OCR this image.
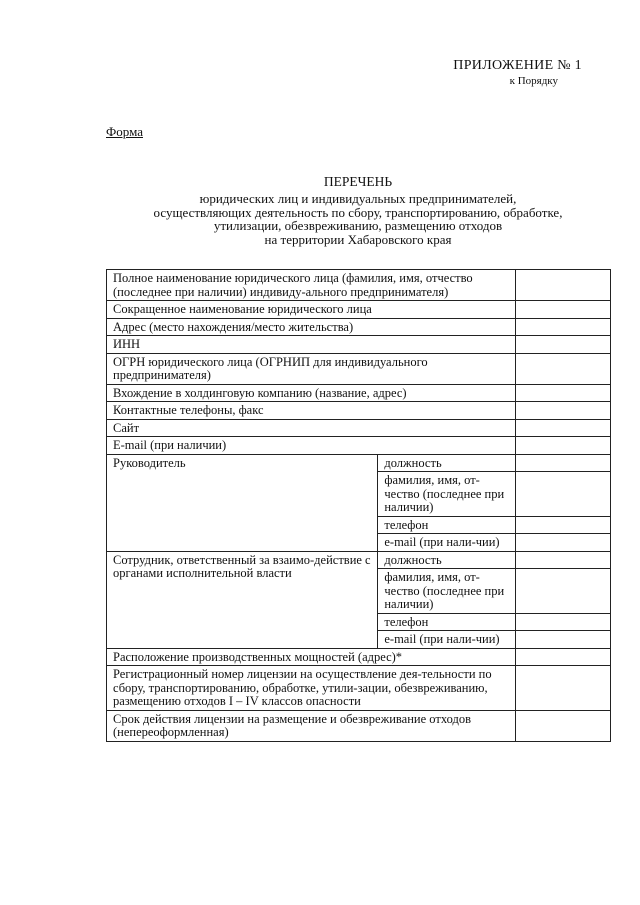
ПРИЛОЖЕНИЕ № 1
к Порядку
Форма
ПЕРЕЧЕНЬ
юридических лиц и индивидуальных предпринимателей,
осуществляющих деятельность по сбору, транспортированию, обработке,
утилизации, обезвреживанию, размещению отходов
на территории Хабаровского края
Полное наименование юридического лица (фамилия, имя, отчество (последнее при наличии) индивиду-ального предпринимателя)		
Сокращенное наименование юридического лица		
Адрес (место нахождения/место жительства)		
ИНН		
ОГРН юридического лица (ОГРНИП для индивидуального предпринимателя)		
Вхождение в холдинговую компанию (название, адрес)		
Контактные телефоны, факс		
Сайт		
E-mail (при наличии)		
Руководитель	должность	
	фамилия, имя, от-чество (последнее при наличии)	
	телефон	
	e-mail (при нали-чии)	
Сотрудник, ответственный за взаимо-действие с органами исполнительной власти	должность	
	фамилия, имя, от-чество (последнее при наличии)	
	телефон	
	e-mail (при нали-чии)	
Расположение производственных мощностей (адрес)*		
Регистрационный номер лицензии на осуществление дея-тельности по сбору, транспортированию, обработке, утили-зации, обезвреживанию, размещению отходов I – IV классов опасности		
Срок действия лицензии на размещение и обезвреживание отходов (непереоформленная)		
